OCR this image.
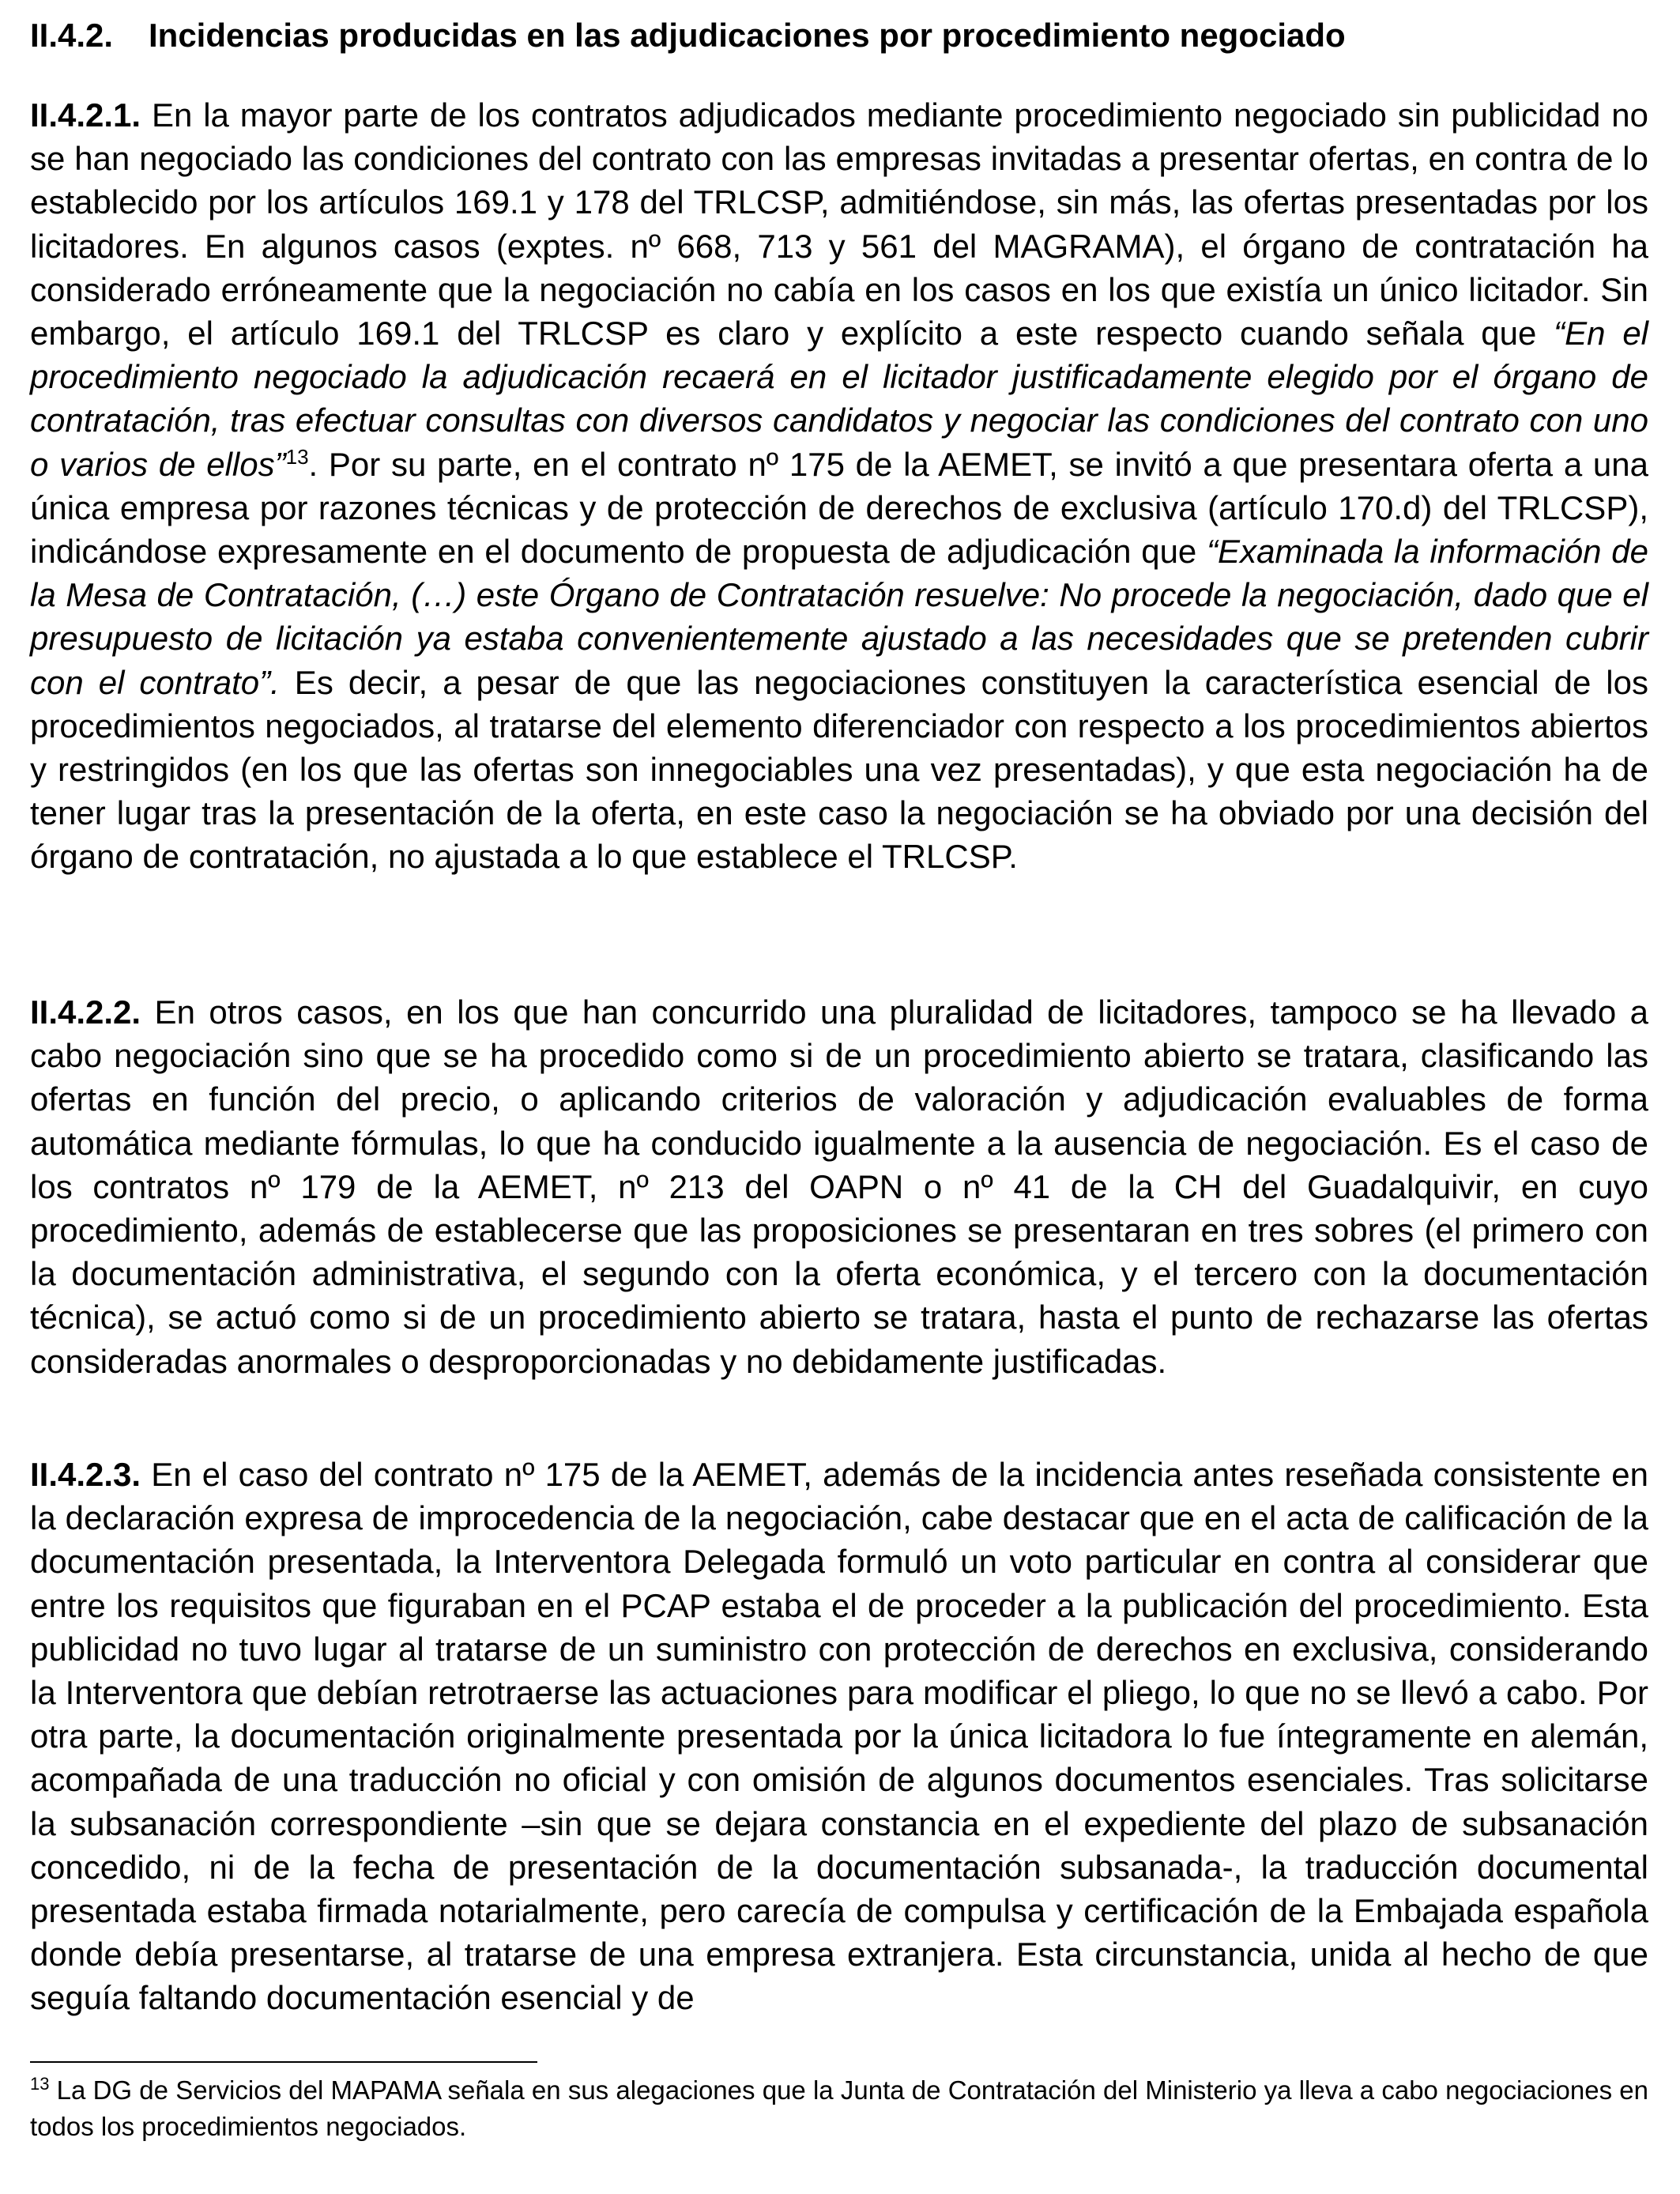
II.4.2. Incidencias producidas en las adjudicaciones por procedimiento negociado

II.4.2.1. En la mayor parte de los contratos adjudicados mediante procedimiento negociado sin publicidad no se han negociado las condiciones del contrato con las empresas invitadas a presentar ofertas, en contra de lo establecido por los artículos 169.1 y 178 del TRLCSP, admitiéndose, sin más, las ofertas presentadas por los licitadores. En algunos casos (exptes. nº 668, 713 y 561 del MAGRAMA), el órgano de contratación ha considerado erróneamente que la negociación no cabía en los casos en los que existía un único licitador. Sin embargo, el artículo 169.1 del TRLCSP es claro y explícito a este respecto cuando señala que “En el procedimiento negociado la adjudicación recaerá en el licitador justificadamente elegido por el órgano de contratación, tras efectuar consultas con diversos candidatos y negociar las condiciones del contrato con uno o varios de ellos”$^{13}$. Por su parte, en el contrato nº 175 de la AEMET, se invitó a que presentara oferta a una única empresa por razones técnicas y de protección de derechos de exclusiva (artículo 170.d) del TRLCSP), indicándose expresamente en el documento de propuesta de adjudicación que “Examinada la información de la Mesa de Contratación, (…) este Órgano de Contratación resuelve: No procede la negociación, dado que el presupuesto de licitación ya estaba convenientemente ajustado a las necesidades que se pretenden cubrir con el contrato”. Es decir, a pesar de que las negociaciones constituyen la característica esencial de los procedimientos negociados, al tratarse del elemento diferenciador con respecto a los procedimientos abiertos y restringidos (en los que las ofertas son innegociables una vez presentadas), y que esta negociación ha de tener lugar tras la presentación de la oferta, en este caso la negociación se ha obviado por una decisión del órgano de contratación, no ajustada a lo que establece el TRLCSP.

II.4.2.2. En otros casos, en los que han concurrido una pluralidad de licitadores, tampoco se ha llevado a cabo negociación sino que se ha procedido como si de un procedimiento abierto se tratara, clasificando las ofertas en función del precio, o aplicando criterios de valoración y adjudicación evaluables de forma automática mediante fórmulas, lo que ha conducido igualmente a la ausencia de negociación. Es el caso de los contratos nº 179 de la AEMET, nº 213 del OAPN o nº 41 de la CH del Guadalquivir, en cuyo procedimiento, además de establecerse que las proposiciones se presentaran en tres sobres (el primero con la documentación administrativa, el segundo con la oferta económica, y el tercero con la documentación técnica), se actuó como si de un procedimiento abierto se tratara, hasta el punto de rechazarse las ofertas consideradas anormales o desproporcionadas y no debidamente justificadas.

II.4.2.3. En el caso del contrato nº 175 de la AEMET, además de la incidencia antes reseñada consistente en la declaración expresa de improcedencia de la negociación, cabe destacar que en el acta de calificación de la documentación presentada, la Interventora Delegada formuló un voto particular en contra al considerar que entre los requisitos que figuraban en el PCAP estaba el de proceder a la publicación del procedimiento. Esta publicidad no tuvo lugar al tratarse de un suministro con protección de derechos en exclusiva, considerando la Interventora que debían retrotraerse las actuaciones para modificar el pliego, lo que no se llevó a cabo. Por otra parte, la documentación originalmente presentada por la única licitadora lo fue íntegramente en alemán, acompañada de una traducción no oficial y con omisión de algunos documentos esenciales. Tras solicitarse la subsanación correspondiente –sin que se dejara constancia en el expediente del plazo de subsanación concedido, ni de la fecha de presentación de la documentación subsanada-, la traducción documental presentada estaba firmada notarialmente, pero carecía de compulsa y certificación de la Embajada española donde debía presentarse, al tratarse de una empresa extranjera. Esta circunstancia, unida al hecho de que seguía faltando documentación esencial y de

$^{13}$ La DG de Servicios del MAPAMA señala en sus alegaciones que la Junta de Contratación del Ministerio ya lleva a cabo negociaciones en todos los procedimientos negociados.
